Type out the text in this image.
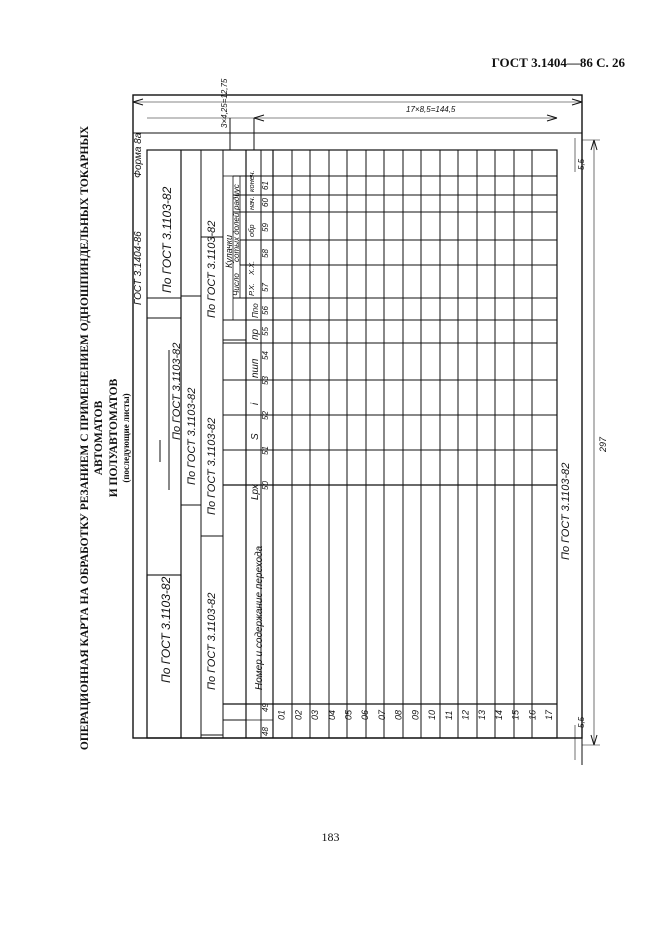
ГОСТ 3.1404—86 С. 26
ОПЕРАЦИОННАЯ КАРТА НА ОБРАБОТКУ РЕЗАНИЕМ С ПРИМЕНЕНИЕМ ОДНОШПИНДЕЛЬНЫХ ТОКАРНЫХ АВТОМАТОВ И ПОЛУАВТОМАТОВ (последующие листы)
ГОСТ 3.1404-86
Форма 8а
По ГОСТ 3.1103-82
По ГОСТ 3.1103-82
По ГОСТ 3.1103-82 По ГОСТ 3.1103-82 По ГОСТ 3.1103-82
По ГОСТ 3.1103-82
По ГОСТ 3.1103-82
По ГОСТ 3.1103-82
Номер и содержание перехода
Lрх
S
i
nшп
пр
Ппо
Кулачки
Число
сотых долей
Р.Х.
Х.Х.
обр
радиус нач.
конеч.
3×4,25=12,75	17×8,5=144,5
5,5
5,5
297
48
49
50
51
52
53
54
55
56
57
58
59
60
61
01 02 03 04 05 06 07 08 09 10 11 12 13 14 15 16 17
183
